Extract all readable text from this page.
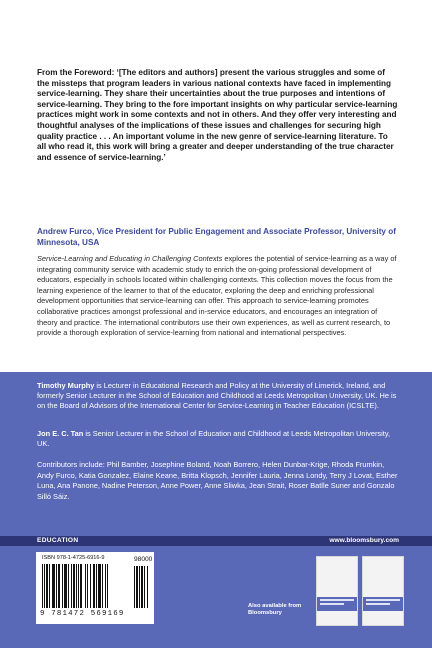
From the Foreword: ‘[The editors and authors] present the various struggles and some of the missteps that program leaders in various national contexts have faced in implementing service-learning. They share their uncertainties about the true purposes and intentions of service-learning. They bring to the fore important insights on why particular service-learning practices might work in some contexts and not in others. And they offer very interesting and thoughtful analyses of the implications of these issues and challenges for securing high quality practice . . . An important volume in the new genre of service-learning literature. To all who read it, this work will bring a greater and deeper understanding of the true character and essence of service-learning.’

Andrew Furco, Vice President for Public Engagement and Associate Professor, University of Minnesota, USA

Service-Learning and Educating in Challenging Contexts explores the potential of service-learning as a way of integrating community service with academic study to enrich the on-going professional development of educators, especially in schools located within challenging contexts. This collection moves the focus from the learning experience of the learner to that of the educator, exploring the deep and enriching professional development opportunities that service-learning can offer. This approach to service-learning promotes collaborative practices amongst professional and in-service educators, and encourages an integration of theory and practice. The international contributors use their own experiences, as well as current research, to provide a thorough exploration of service-learning from national and international perspectives.

Timothy Murphy is Lecturer in Educational Research and Policy at the University of Limerick, Ireland, and formerly Senior Lecturer in the School of Education and Childhood at Leeds Metropolitan University, UK. He is on the Board of Advisors of the International Center for Service-Learning in Teacher Education (ICSLTE).

Jon E. C. Tan is Senior Lecturer in the School of Education and Childhood at Leeds Metropolitan University, UK.

Contributors include: Phil Bamber, Josephine Boland, Noah Borrero, Helen Dunbar-Krige, Rhoda Frumkin, Andy Furco, Katia Gonzalez, Elaine Keane, Britta Klopsch, Jennifer Lauria, Jenna Londy, Terry J Lovat, Esther Luna, Ana Panone, Nadine Peterson, Anne Power, Anne Sliwka, Jean Strait, Roser Batlle Suner and Gonzalo Silló Sáiz.

EDUCATION	www.bloomsbury.com
ISBN 978-1-4725-6916-9	98000
9 781472 569169
Also available from Bloomsbury
